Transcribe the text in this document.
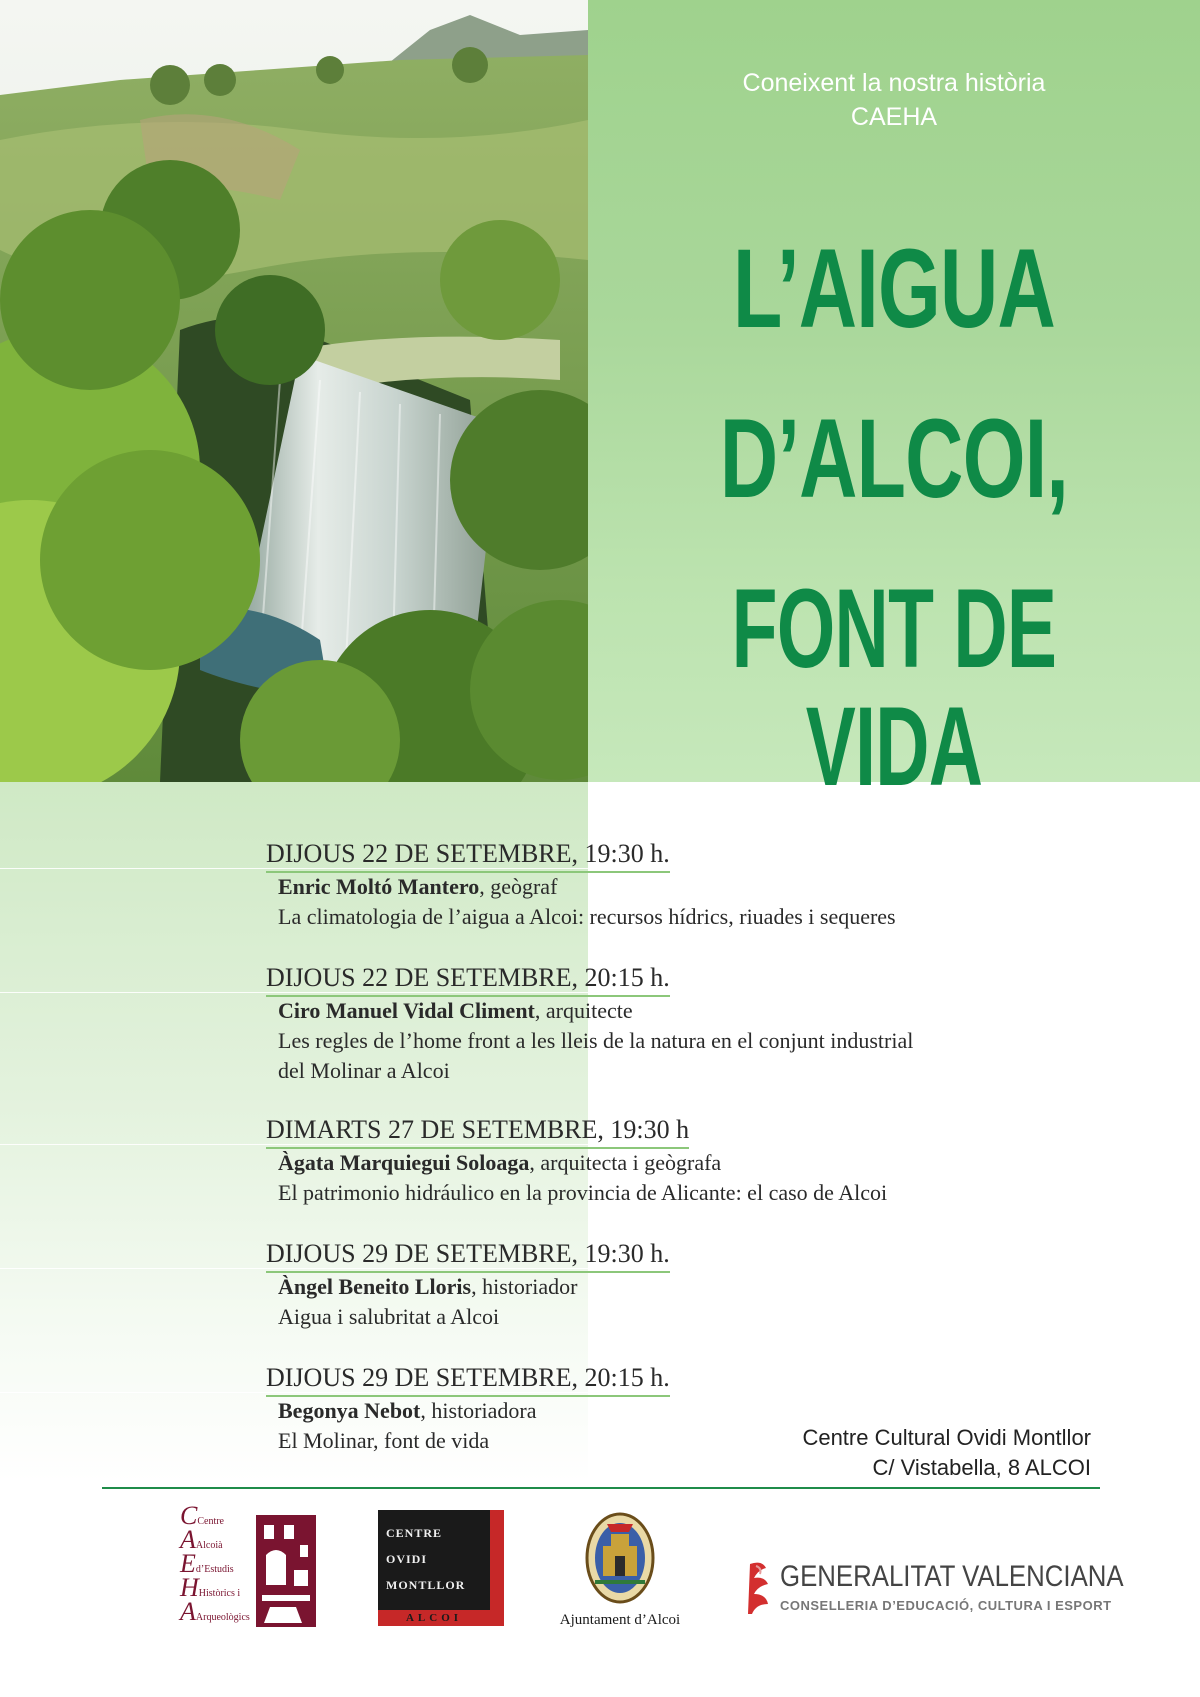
Coneixent la nostra història
CAEHA
L’AIGUA
D’ALCOI,
FONT DE VIDA
DIJOUS 22 DE SETEMBRE, 19:30 h.
Enric Moltó Mantero, geògraf
La climatologia de l’aigua a Alcoi: recursos hídrics, riuades i sequeres
DIJOUS 22 DE SETEMBRE, 20:15 h.
Ciro Manuel Vidal Climent, arquitecte
Les regles de l’home front a les lleis de la natura en el conjunt industrial
del Molinar a Alcoi
DIMARTS 27 DE SETEMBRE, 19:30 h
Àgata Marquiegui Soloaga, arquitecta i geògrafa
El patrimonio hidráulico en la provincia de Alicante: el caso de Alcoi
DIJOUS 29 DE SETEMBRE, 19:30 h.
Àngel Beneito Lloris, historiador
Aigua i salubritat a Alcoi
DIJOUS 29 DE SETEMBRE, 20:15 h.
Begonya Nebot, historiadora
El Molinar, font de vida	Centre Cultural Ovidi Montllor
C/ Vistabella, 8 ALCOI
CCentre
AAlcoià
Ed’Estudis
HHistòrics i
AArqueològics
CENTRE
OVIDI
MONTLLOR
ALCOI	Ajuntament d’Alcoi
GENERALITAT VALENCIANA
CONSELLERIA D’EDUCACIÓ, CULTURA I ESPORT
